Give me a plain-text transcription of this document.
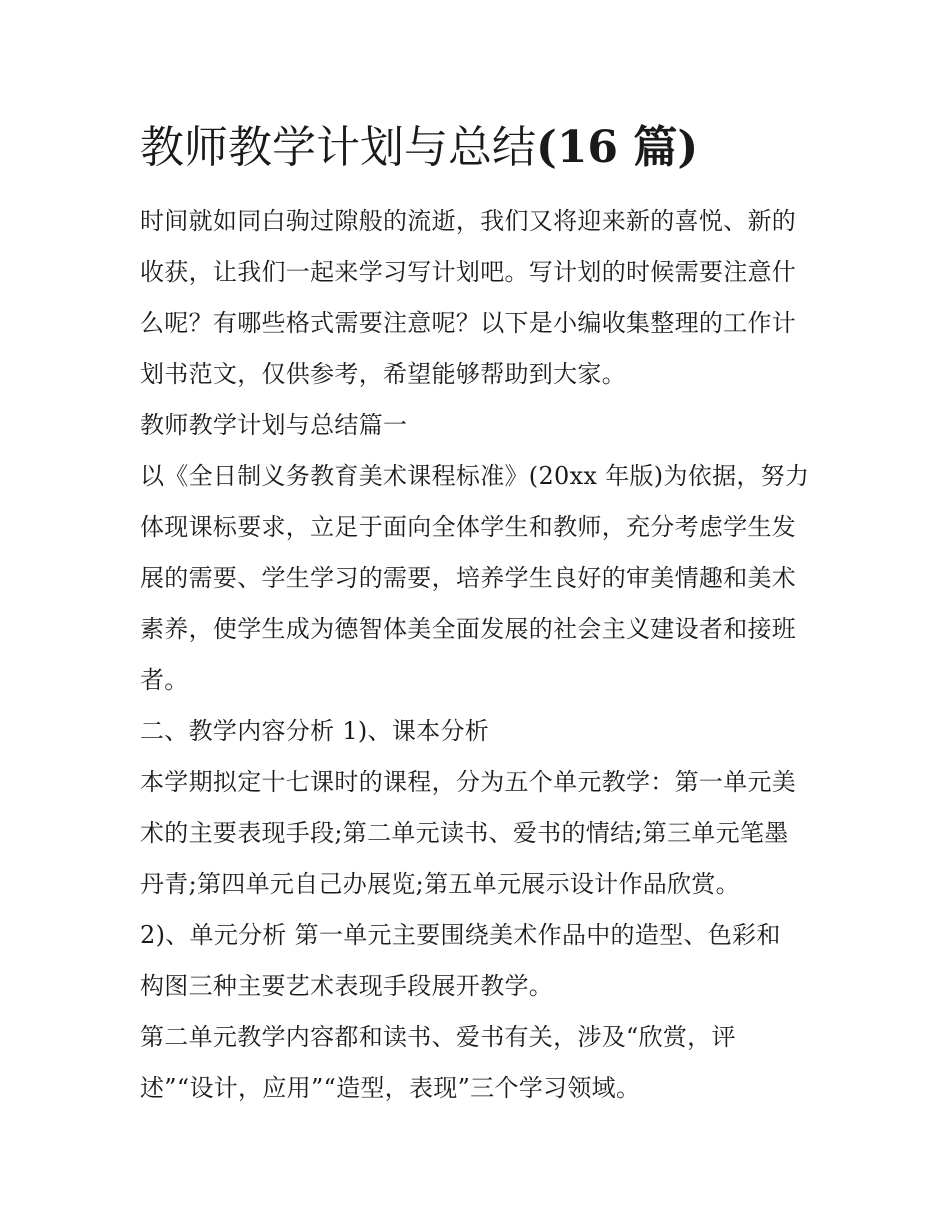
教师教学计划与总结(16 篇)

时间就如同白驹过隙般的流逝，我们又将迎来新的喜悦、新的

收获，让我们一起来学习写计划吧。写计划的时候需要注意什

么呢？有哪些格式需要注意呢？以下是小编收集整理的工作计

划书范文，仅供参考，希望能够帮助到大家。

教师教学计划与总结篇一

以《全日制义务教育美术课程标准》(20xx 年版)为依据，努力

体现课标要求，立足于面向全体学生和教师，充分考虑学生发

展的需要、学生学习的需要，培养学生良好的审美情趣和美术

素养，使学生成为德智体美全面发展的社会主义建设者和接班

者。

二、教学内容分析 1)、课本分析

本学期拟定十七课时的课程，分为五个单元教学：第一单元美

术的主要表现手段;第二单元读书、爱书的情结;第三单元笔墨

丹青;第四单元自己办展览;第五单元展示设计作品欣赏。

2)、单元分析 第一单元主要围绕美术作品中的造型、色彩和

构图三种主要艺术表现手段展开教学。

第二单元教学内容都和读书、爱书有关，涉及“欣赏，评

述”“设计，应用”“造型，表现”三个学习领域。
